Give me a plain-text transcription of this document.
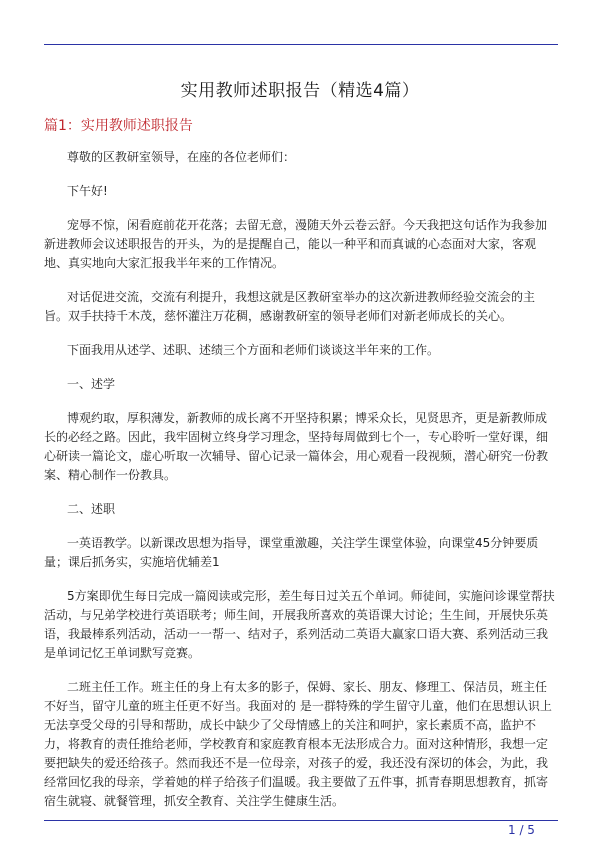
实用教师述职报告（精选4篇）
篇1：实用教师述职报告

尊敬的区教研室领导，在座的各位老师们：

下午好!

宠辱不惊，闲看庭前花开花落；去留无意，漫随天外云卷云舒。今天我把这句话作为我参加新进教师会议述职报告的开头，为的是提醒自己，能以一种平和而真诚的心态面对大家，客观地、真实地向大家汇报我半年来的工作情况。

对话促进交流，交流有利提升，我想这就是区教研室举办的这次新进教师经验交流会的主旨。双手扶持千木茂，慈怀灌注万花稠，感谢教研室的领导老师们对新老师成长的关心。

下面我用从述学、述职、述绩三个方面和老师们谈谈这半年来的工作。

一、述学

博观约取，厚积薄发，新教师的成长离不开坚持积累；博采众长，见贤思齐，更是新教师成长的必经之路。因此，我牢固树立终身学习理念，坚持每周做到七个一，专心聆听一堂好课，细心研读一篇论文，虚心听取一次辅导、留心记录一篇体会，用心观看一段视频，潜心研究一份教案、精心制作一份教具。

二、述职

一英语教学。以新课改思想为指导，课堂重激趣，关注学生课堂体验，向课堂45分钟要质量；课后抓务实，实施培优辅差1

5方案即优生每日完成一篇阅读或完形，差生每日过关五个单词。师徒间，实施问诊课堂帮扶活动，与兄弟学校进行英语联考；师生间，开展我所喜欢的英语课大讨论；生生间，开展快乐英语，我最棒系列活动，活动一一帮一、结对子，系列活动二英语大赢家口语大赛、系列活动三我是单词记忆王单词默写竞赛。

二班主任工作。班主任的身上有太多的影子，保姆、家长、朋友、修理工、保洁员，班主任不好当，留守儿童的班主任更不好当。我面对的 是一群特殊的学生留守儿童，他们在思想认识上无法享受父母的引导和帮助，成长中缺少了父母情感上的关注和呵护，家长素质不高，监护不力，将教育的责任推给老师，学校教育和家庭教育根本无法形成合力。面对这种情形，我想一定要把缺失的爱还给孩子。然而我还不是一位母亲，对孩子的爱，我还没有深切的体会，为此，我经常回忆我的母亲，学着她的样子给孩子们温暖。我主要做了五件事，抓青春期思想教育，抓寄宿生就寝、就餐管理，抓安全教育、关注学生健康生活。

1 / 5
